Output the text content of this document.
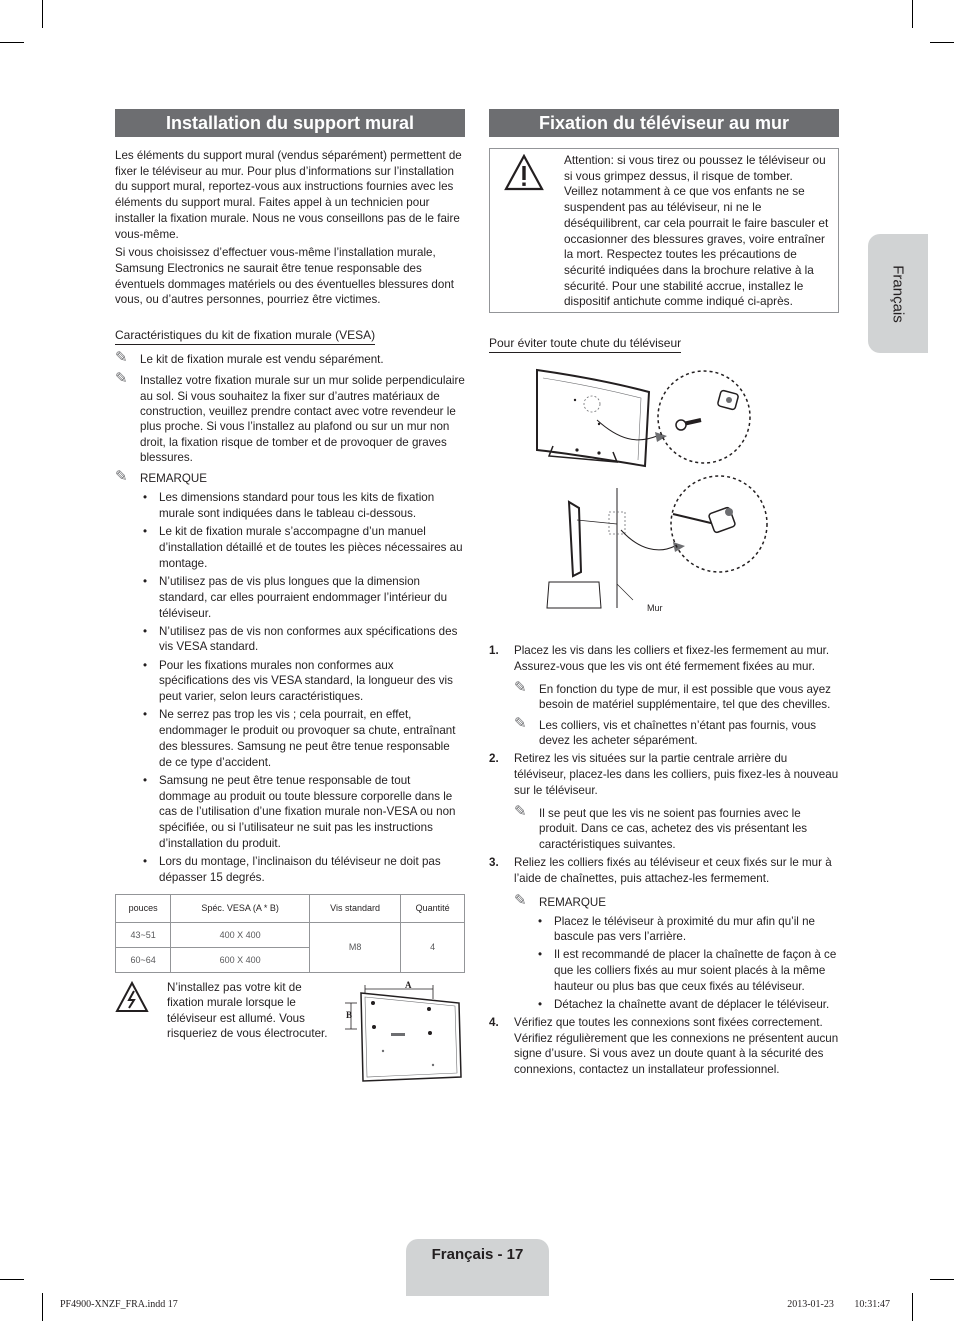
Installation du support mural

Les éléments du support mural (vendus séparément) permettent de fixer le téléviseur au mur. Pour plus d’informations sur l’installation du support mural, reportez-vous aux instructions fournies avec les éléments du support mural. Faites appel à un technicien pour installer la fixation murale. Nous ne vous conseillons pas de le faire vous-même.

Si vous choisissez d’effectuer vous-même l’installation murale, Samsung Electronics ne saurait être tenue responsable des éventuels dommages matériels ou des éventuelles blessures dont vous, ou d’autres personnes, pourriez être victimes.

Caractéristiques du kit de fixation murale (VESA)
✎ Le kit de fixation murale est vendu séparément.
✎ Installez votre fixation murale sur un mur solide perpendiculaire au sol. Si vous souhaitez la fixer sur d’autres matériaux de construction, veuillez prendre contact avec votre revendeur le plus proche. Si vous l’installez au plafond ou sur un mur non droit, la fixation risque de tomber et de provoquer de graves blessures.
✎ REMARQUE
• Les dimensions standard pour tous les kits de fixation murale sont indiquées dans le tableau ci-dessous.
• Le kit de fixation murale s’accompagne d’un manuel d’installation détaillé et de toutes les pièces nécessaires au montage.
• N’utilisez pas de vis plus longues que la dimension standard, car elles pourraient endommager l’intérieur du téléviseur.
• N’utilisez pas de vis non conformes aux spécifications des vis VESA standard.
• Pour les fixations murales non conformes aux spécifications des vis VESA standard, la longueur des vis peut varier, selon leurs caractéristiques.
• Ne serrez pas trop les vis ; cela pourrait, en effet, endommager le produit ou provoquer sa chute, entraînant des blessures. Samsung ne peut être tenue responsable de ce type d’accident.
• Samsung ne peut être tenue responsable de tout dommage au produit ou toute blessure corporelle dans le cas de l’utilisation d’une fixation murale non-VESA ou non spécifiée, ou si l’utilisateur ne suit pas les instructions d’installation du produit.
• Lors du montage, l’inclinaison du téléviseur ne doit pas dépasser 15 degrés.
pouces	Spéc. VESA (A * B)	Vis standard	Quantité
43~51	400 X 400	M8	4
60~64	600 X 400		

N’installez pas votre kit de fixation murale lorsque le téléviseur est allumé. Vous risqueriez de vous électrocuter.

A
B
Fixation du téléviseur au mur
Attention: si vous tirez ou poussez le téléviseur ou si vous grimpez dessus, il risque de tomber. Veillez notamment à ce que vos enfants ne se suspendent pas au téléviseur, ni ne le déséquilibrent, car cela pourrait le faire basculer et occasionner des blessures graves, voire entraîner la mort. Respectez toutes les précautions de sécurité indiquées dans la brochure relative à la sécurité. Pour une stabilité accrue, installez le dispositif antichute comme indiqué ci-après.
Pour éviter toute chute du téléviseur
Mur
1. Placez les vis dans les colliers et fixez-les fermement au mur. Assurez-vous que les vis ont été fermement fixées au mur.
✎ En fonction du type de mur, il est possible que vous ayez besoin de matériel supplémentaire, tel que des chevilles.
✎ Les colliers, vis et chaînettes n’étant pas fournis, vous devez les acheter séparément.
2. Retirez les vis situées sur la partie centrale arrière du téléviseur, placez-les dans les colliers, puis fixez-les à nouveau sur le téléviseur.
✎ Il se peut que les vis ne soient pas fournies avec le produit. Dans ce cas, achetez des vis présentant les caractéristiques suivantes.
3. Reliez les colliers fixés au téléviseur et ceux fixés sur le mur à l’aide de chaînettes, puis attachez-les fermement.
✎ REMARQUE
• Placez le téléviseur à proximité du mur afin qu’il ne bascule pas vers l’arrière.
• Il est recommandé de placer la chaînette de façon à ce que les colliers fixés au mur soient placés à la même hauteur ou plus bas que ceux fixés au téléviseur.
• Détachez la chaînette avant de déplacer le téléviseur.
4. Vérifiez que toutes les connexions sont fixées correctement. Vérifiez régulièrement que les connexions ne présentent aucun signe d’usure. Si vous avez un doute quant à la sécurité des connexions, contactez un installateur professionnel.
Français
Français - 17
PF4900-XNZF_FRA.indd 17	2013-01-23 ￿￿ 10:31:47
